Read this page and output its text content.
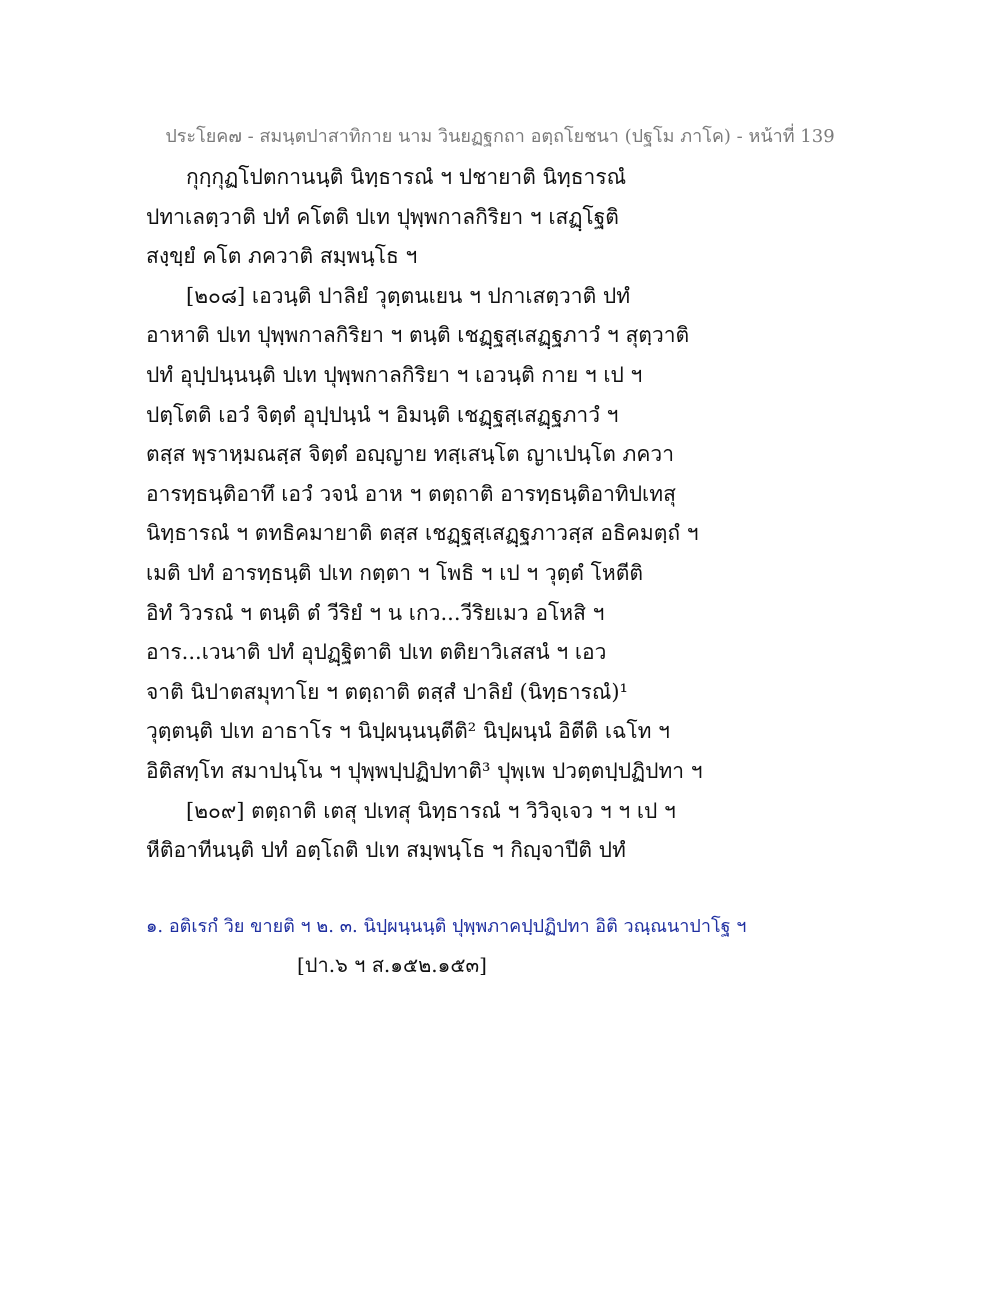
ประโยค๗ - สมนฺตปาสาทิกาย นาม วินยฏฐกถา อตฺถโยชนา (ปฐโม ภาโค) - หน้าที่ 139
กุกฺกุฏโปตกานนฺติ นิทฺธารณํ ฯ ปชายาติ นิทฺธารณํ
ปทาเลตฺวาติ ปทํ คโตติ ปเท ปุพฺพกาลกิริยา ฯ เสฏฺโฐติ
สงฺขฺยํ คโต ภควาติ สมฺพนฺโธ ฯ
[๒๐๘] เอวนฺติ ปาลิยํ วุตฺตนเยน ฯ ปกาเสตฺวาติ ปทํ
อาหาติ ปเท ปุพฺพกาลกิริยา ฯ ตนฺติ เชฏฺฐสฺเสฏฺฐภาวํ ฯ สุตฺวาติ
ปทํ อุปฺปนฺนนฺติ ปเท ปุพฺพกาลกิริยา ฯ เอวนฺติ กาย ฯ เป ฯ
ปตฺโตติ เอวํ จิตฺตํ อุปฺปนฺนํ ฯ อิมนฺติ เชฏฺฐสฺเสฏฺฐภาวํ ฯ
ตสฺส พฺราหฺมณสฺส จิตฺตํ อญฺญาย ทสฺเสนฺโต ญาเปนฺโต ภควา
อารทฺธนฺติอาทึ เอวํ วจนํ อาห ฯ ตตฺถาติ อารทฺธนฺติอาทิปเทสุ
นิทฺธารณํ ฯ ตทธิคมายาติ ตสฺส เชฏฺฐสฺเสฏฺฐภาวสฺส อธิคมตฺถํ ฯ
เมติ ปทํ อารทฺธนฺติ ปเท กตฺตา ฯ โพธิ ฯ เป ฯ วุตฺตํ โหตีติ
อิทํ วิวรณํ ฯ ตนฺติ ตํ วีริยํ ฯ น เกว...วีริยเมว อโหสิ ฯ
อาร...เวนาติ ปทํ อุปฏฺฐิตาติ ปเท ตติยาวิเสสนํ ฯ เอว
จาติ นิปาตสมุทาโย ฯ ตตฺถาติ ตสฺสํ ปาลิยํ (นิทฺธารณํ)¹
วุตฺตนฺติ ปเท อาธาโร ฯ นิปฺผนฺนนฺตีติ² นิปฺผนฺนํ อิตีติ เฉโท ฯ
อิติสทฺโท สมาปนฺโน ฯ ปุพฺพปฺปฏิปทาติ³ ปุพฺเพ ปวตฺตปฺปฏิปทา ฯ
[๒๐๙] ตตฺถาติ เตสุ ปเทสุ นิทฺธารณํ ฯ วิวิจฺเจว ฯ ฯ เป ฯ
หีติอาทีนนฺติ ปทํ อตฺโถติ ปเท สมฺพนฺโธ ฯ กิญฺจาปีติ ปทํ
๑. อติเรกํ วิย ขายติ ฯ ๒. ๓. นิปฺผนฺนนฺติ ปุพฺพภาคปฺปฏิปทา อิติ วณฺณนาปาโฐ ฯ
[ปา.๖ ฯ ส.๑๕๒.๑๕๓]
